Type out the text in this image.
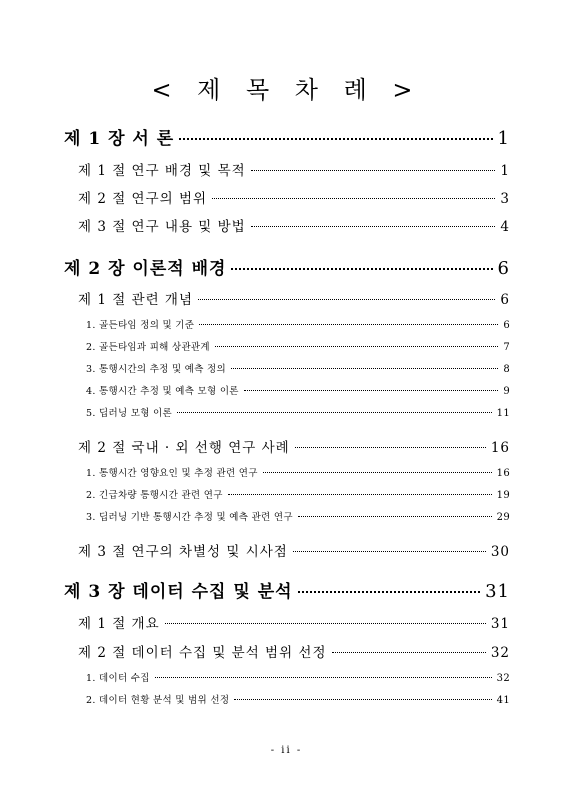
< 제 목 차 례 >
제 1 장 서 론	1
제 1 절 연구 배경 및 목적	1
제 2 절 연구의 범위	3
제 3 절 연구 내용 및 방법	4
제 2 장 이론적 배경	6
제 1 절 관련 개념	6
1. 골든타임 정의 및 기준	6
2. 골든타임과 피해 상관관계	7
3. 통행시간의 추정 및 예측 정의	8
4. 통행시간 추정 및 예측 모형 이론	9
5. 딥러닝 모형 이론	11
제 2 절 국내 · 외 선행 연구 사례	16
1. 통행시간 영향요인 및 추정 관련 연구	16
2. 긴급차량 통행시간 관련 연구	19
3. 딥러닝 기반 통행시간 추정 및 예측 관련 연구	29
제 3 절 연구의 차별성 및 시사점	30
제 3 장 데이터 수집 및 분석	31
제 1 절 개요	31
제 2 절 데이터 수집 및 분석 범위 선정	32
1. 데이터 수집	32
2. 데이터 현황 분석 및 범위 선정	41
- ii -
